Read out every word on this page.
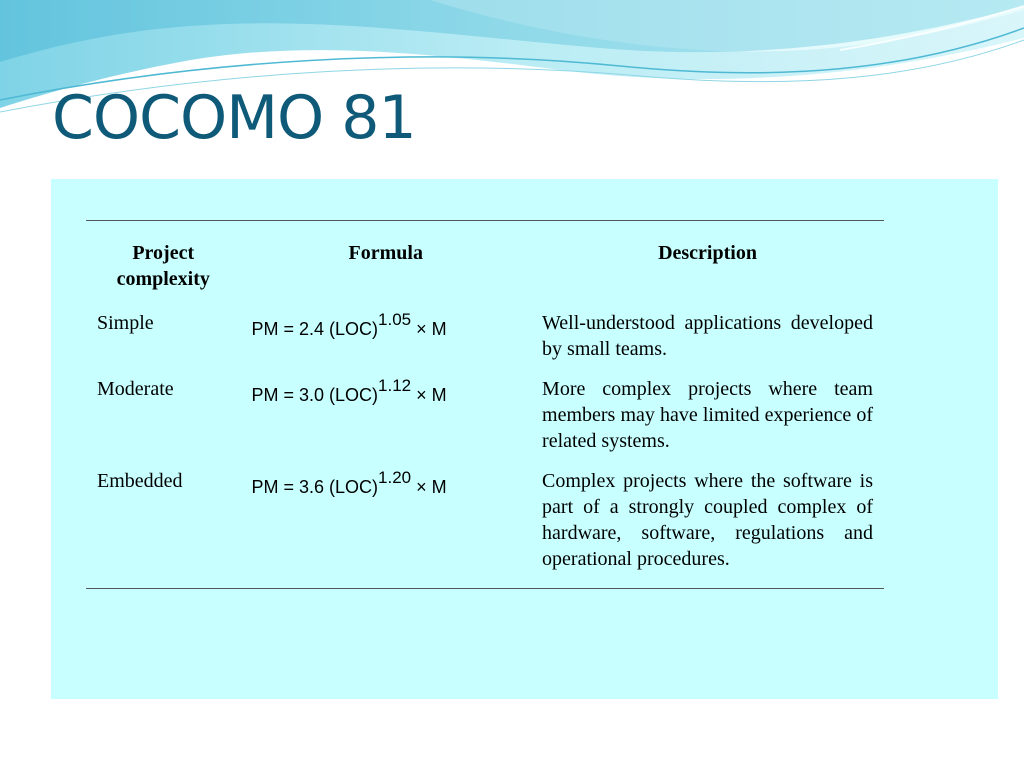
COCOMO 81
Project complexity	Formula	Description
Simple	PM = 2.4 (LOC)$^{1.05}$ × M	Well-understood applications developed by small teams.
Moderate	PM = 3.0 (LOC)$^{1.12}$ × M	More complex projects where team members may have limited experience of related systems.
Embedded	PM = 3.6 (LOC)$^{1.20}$ × M	Complex projects where the software is part of a strongly coupled complex of hardware, software, regulations and operational procedures.
